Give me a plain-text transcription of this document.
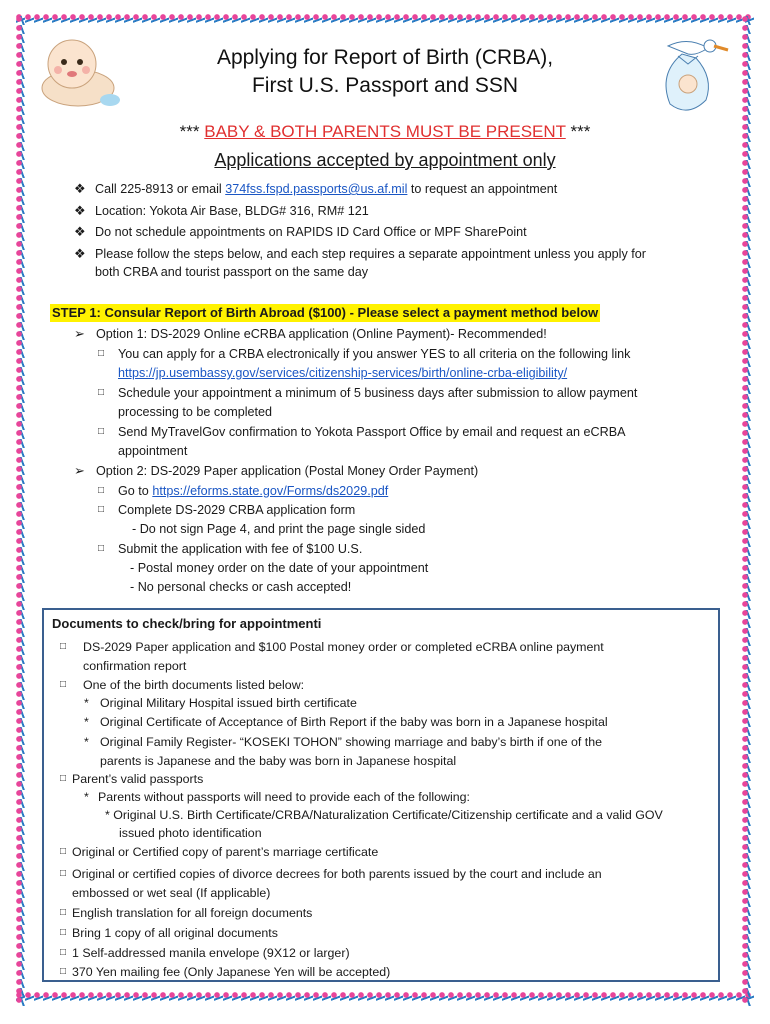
Applying for Report of Birth (CRBA),
First U.S. Passport and SSN
*** BABY & BOTH PARENTS MUST BE PRESENT ***
Applications accepted by appointment only
❖ Call 225-8913 or email 374fss.fspd.passports@us.af.mil to request an appointment
❖ Location: Yokota Air Base, BLDG# 316, RM# 121
❖ Do not schedule appointments on RAPIDS ID Card Office or MPF SharePoint
❖ Please follow the steps below, and each step requires a separate appointment unless you apply for
both CRBA and tourist passport on the same day
STEP 1: Consular Report of Birth Abroad ($100) - Please select a payment method below
➢ Option 1: DS-2029 Online eCRBA application (Online Payment)- Recommended!
□ You can apply for a CRBA electronically if you answer YES to all criteria on the following link
https://jp.usembassy.gov/services/citizenship-services/birth/online-crba-eligibility/
□ Schedule your appointment a minimum of 5 business days after submission to allow payment
processing to be completed
□ Send MyTravelGov confirmation to Yokota Passport Office by email and request an eCRBA
appointment
➢ Option 2: DS-2029 Paper application (Postal Money Order Payment)
□ Go to https://eforms.state.gov/Forms/ds2029.pdf
□ Complete DS-2029 CRBA application form
- Do not sign Page 4, and print the page single sided
□ Submit the application with fee of $100 U.S.
- Postal money order on the date of your appointment
- No personal checks or cash accepted!
Documents to check/bring for appointmenti
□ DS-2029 Paper application and $100 Postal money order or completed eCRBA online payment
confirmation report
□ One of the birth documents listed below:
* Original Military Hospital issued birth certificate
* Original Certificate of Acceptance of Birth Report if the baby was born in a Japanese hospital
* Original Family Register- “KOSEKI TOHON” showing marriage and baby’s birth if one of the
parents is Japanese and the baby was born in Japanese hospital
□ Parent’s valid passports
* Parents without passports will need to provide each of the following:
* Original U.S. Birth Certificate/CRBA/Naturalization Certificate/Citizenship certificate and a valid GOV
issued photo identification
□ Original or Certified copy of parent’s marriage certificate
□ Original or certified copies of divorce decrees for both parents issued by the court and include an
embossed or wet seal (If applicable)
□ English translation for all foreign documents
□ Bring 1 copy of all original documents
□ 1 Self-addressed manila envelope (9X12 or larger)
□ 370 Yen mailing fee (Only Japanese Yen will be accepted)
